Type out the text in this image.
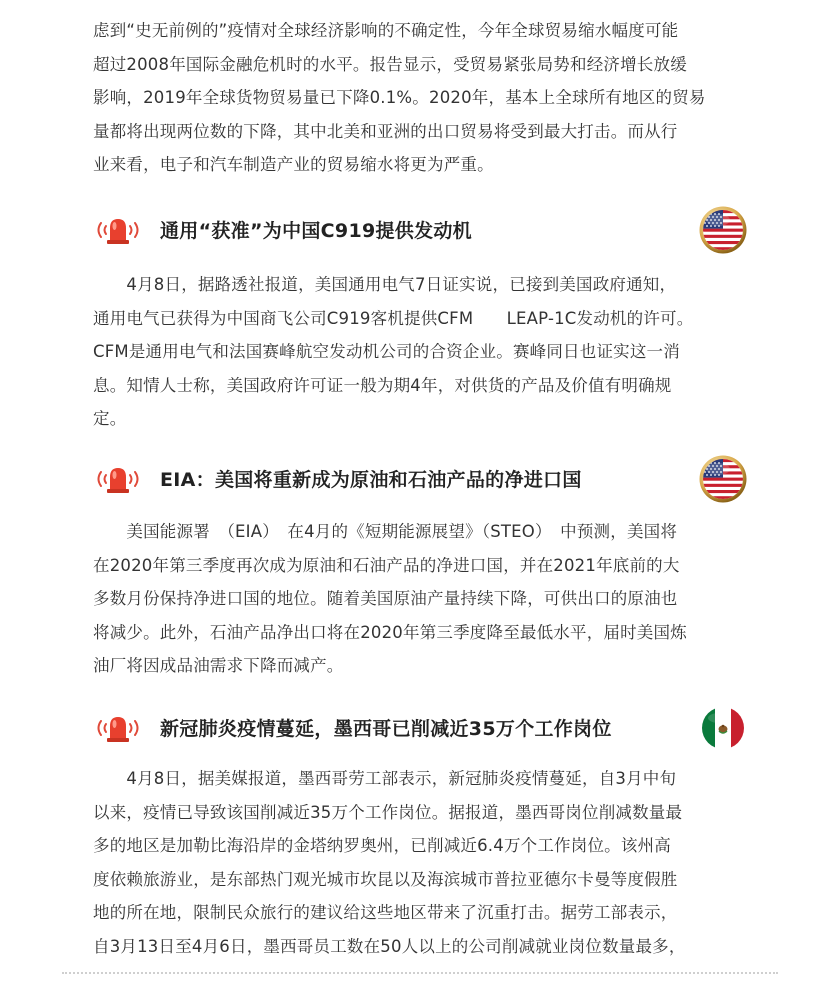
虑到“史无前例的”疫情对全球经济影响的不确定性，今年全球贸易缩水幅度可能
超过2008年国际金融危机时的水平。报告显示，受贸易紧张局势和经济增长放缓
影响，2019年全球货物贸易量已下降0.1%。2020年，基本上全球所有地区的贸易
量都将出现两位数的下降，其中北美和亚洲的出口贸易将受到最大打击。而从行
业来看，电子和汽车制造产业的贸易缩水将更为严重。

通用“获准”为中国C919提供发动机

　　4月8日，据路透社报道，美国通用电气7日证实说，已接到美国政府通知，
通用电气已获得为中国商飞公司C919客机提供CFM　　LEAP-1C发动机的许可。
CFM是通用电气和法国赛峰航空发动机公司的合资企业。赛峰同日也证实这一消
息。知情人士称，美国政府许可证一般为期4年，对供货的产品及价值有明确规
定。

EIA：美国将重新成为原油和石油产品的净进口国

　　美国能源署　（EIA）　在4月的《短期能源展望》（STEO）　中预测，美国将
在2020年第三季度再次成为原油和石油产品的净进口国，并在2021年底前的大
多数月份保持净进口国的地位。随着美国原油产量持续下降，可供出口的原油也
将减少。此外，石油产品净出口将在2020年第三季度降至最低水平，届时美国炼
油厂将因成品油需求下降而减产。

新冠肺炎疫情蔓延，墨西哥已削减近35万个工作岗位

　　4月8日，据美媒报道，墨西哥劳工部表示，新冠肺炎疫情蔓延，自3月中旬
以来，疫情已导致该国削减近35万个工作岗位。据报道，墨西哥岗位削减数量最
多的地区是加勒比海沿岸的金塔纳罗奥州，已削减近6.4万个工作岗位。该州高
度依赖旅游业，是东部热门观光城市坎昆以及海滨城市普拉亚德尔卡曼等度假胜
地的所在地，限制民众旅行的建议给这些地区带来了沉重打击。据劳工部表示，
自3月13日至4月6日，墨西哥员工数在50人以上的公司削减就业岗位数量最多，
